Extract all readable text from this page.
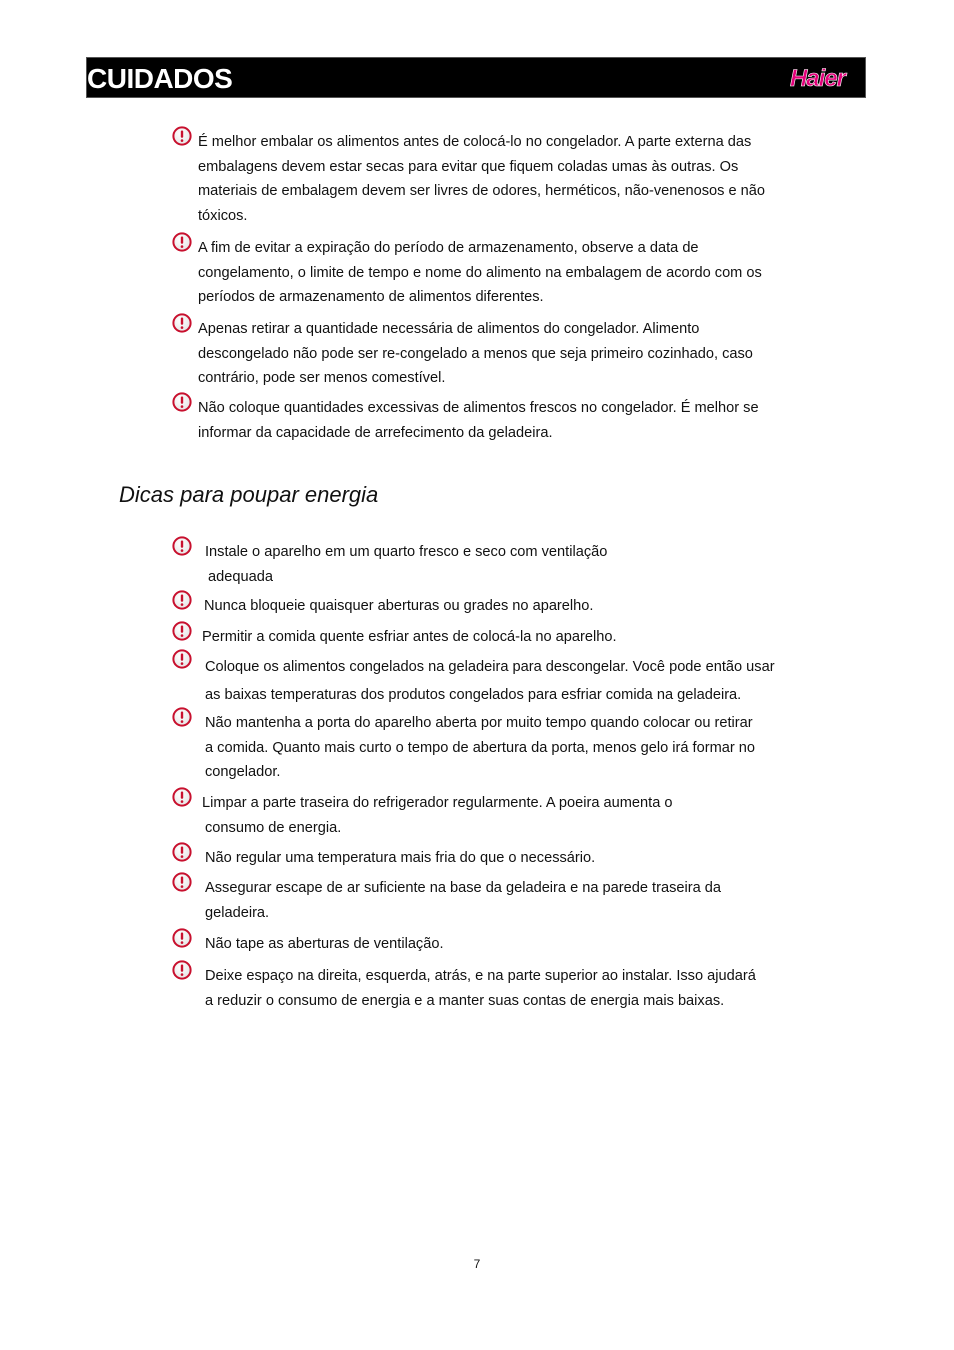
CUIDADOS	Haier
É melhor embalar os alimentos antes de colocá-lo no congelador. A parte externa das
embalagens devem estar secas para evitar que fiquem coladas umas às outras. Os
materiais de embalagem devem ser livres de odores, herméticos, não-venenosos e não
tóxicos.
A fim de evitar a expiração do período de armazenamento, observe a data de
congelamento, o limite de tempo e nome do alimento na embalagem de acordo com os
períodos de armazenamento de alimentos diferentes.
Apenas retirar a quantidade necessária de alimentos do congelador. Alimento
descongelado não pode ser re-congelado a menos que seja primeiro cozinhado, caso
contrário, pode ser menos comestível.
Não coloque quantidades excessivas de alimentos frescos no congelador. É melhor se
informar da capacidade de arrefecimento da geladeira.
Dicas para poupar energia
Instale o aparelho em um quarto fresco e seco com ventilação
adequada
Nunca bloqueie quaisquer aberturas ou grades no aparelho.
Permitir a comida quente esfriar antes de colocá-la no aparelho.
Coloque os alimentos congelados na geladeira para descongelar. Você pode então usar
as baixas temperaturas dos produtos congelados para esfriar comida na geladeira.
Não mantenha a porta do aparelho aberta por muito tempo quando colocar ou retirar
a comida. Quanto mais curto o tempo de abertura da porta, menos gelo irá formar no
congelador.
Limpar a parte traseira do refrigerador regularmente. A poeira aumenta o
consumo de energia.
Não regular uma temperatura mais fria do que o necessário.
Assegurar escape de ar suficiente na base da geladeira e na parede traseira da
geladeira.
Não tape as aberturas de ventilação.
Deixe espaço na direita, esquerda, atrás, e na parte superior ao instalar. Isso ajudará
a reduzir o consumo de energia e a manter suas contas de energia mais baixas.
7
